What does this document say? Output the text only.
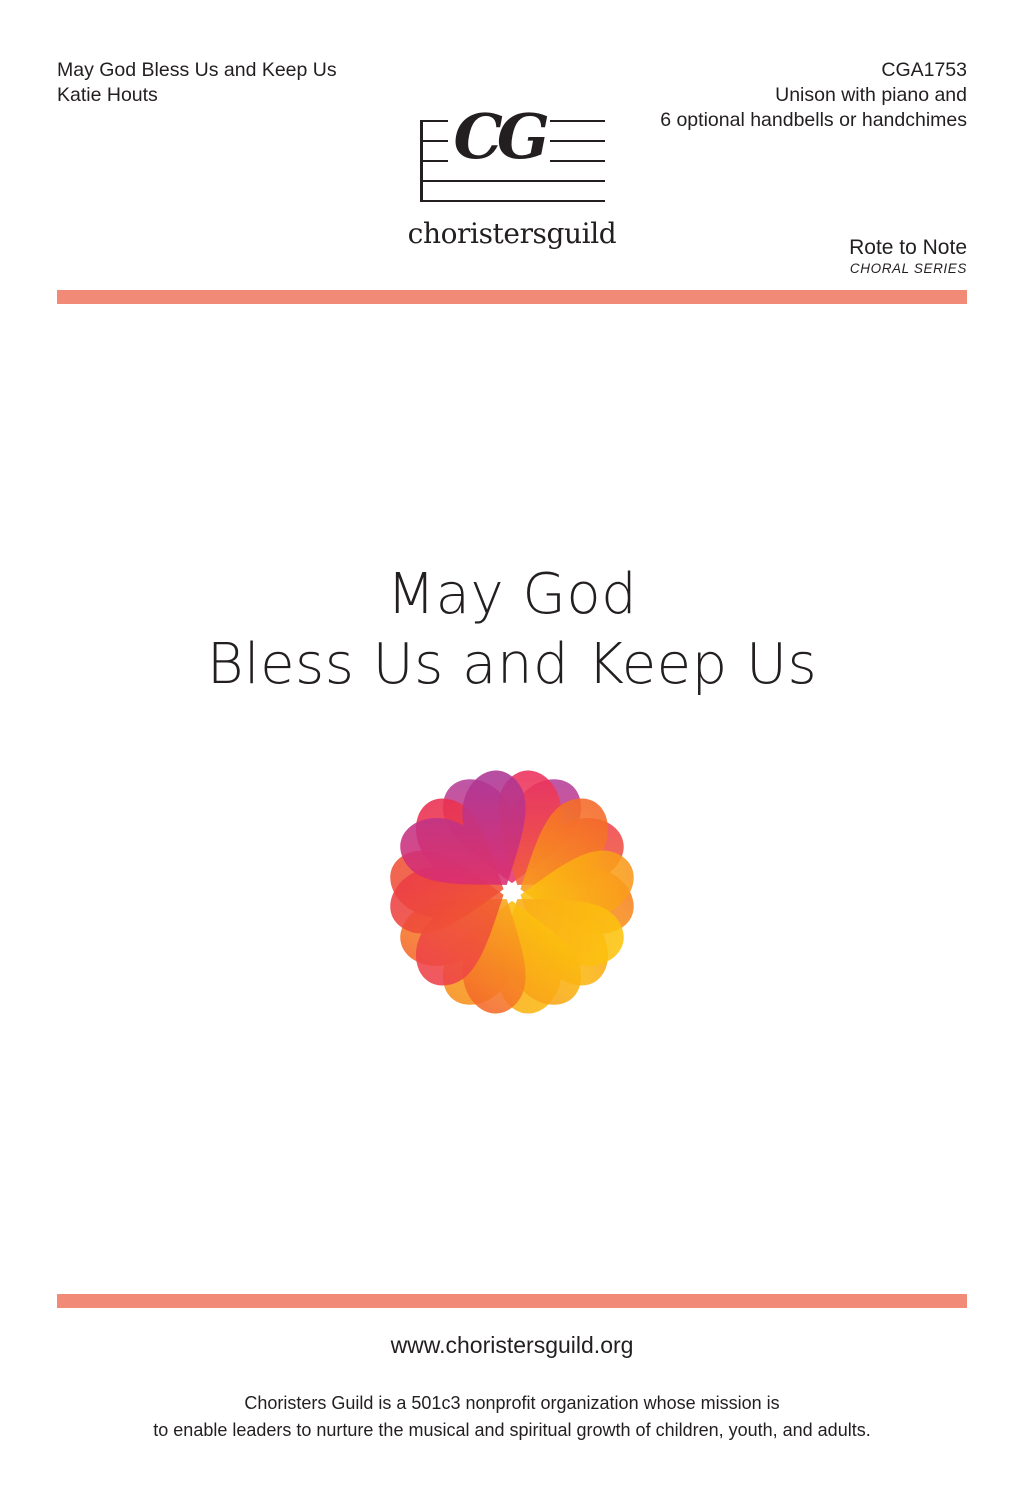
May God Bless Us and Keep Us
Katie Houts
CGA1753
Unison with piano and
6 optional handbells or handchimes
Rote to Note
CHORAL SERIES
CG
choristersguild
May God
Bless Us and Keep Us
www.choristersguild.org
Choristers Guild is a 501c3 nonprofit organization whose mission is
to enable leaders to nurture the musical and spiritual growth of children, youth, and adults.
